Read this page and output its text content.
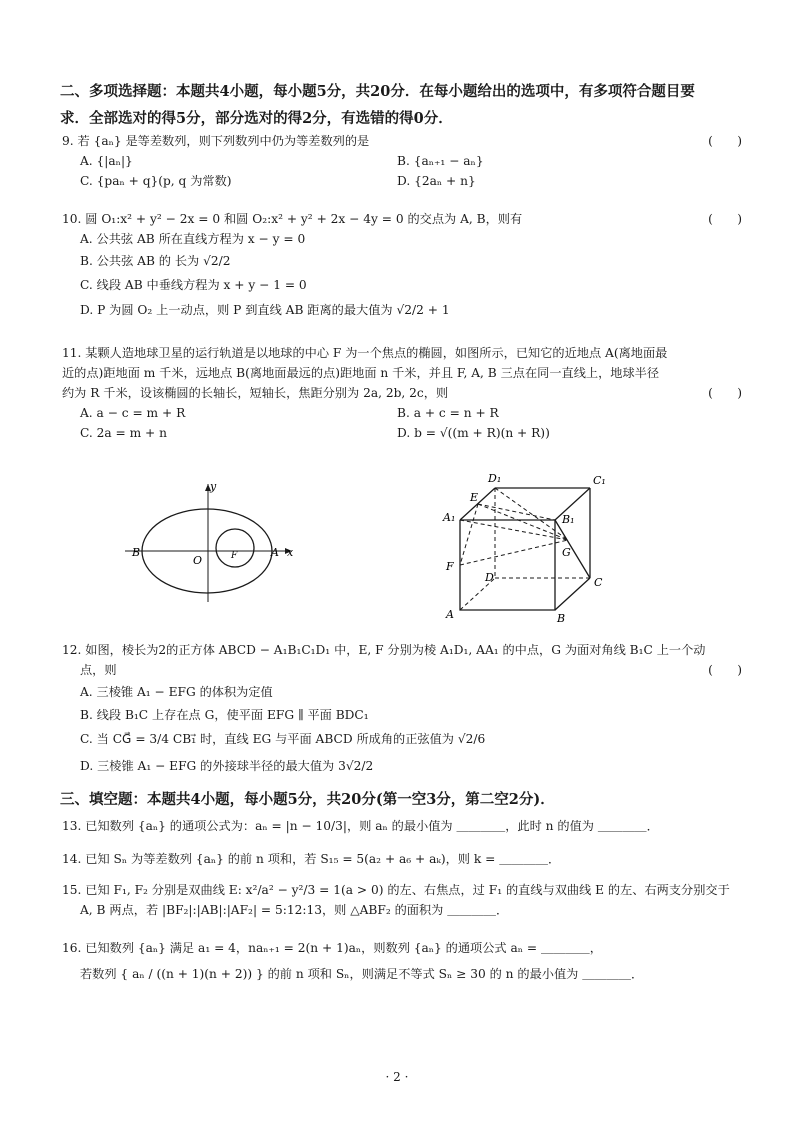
二、多项选择题：本题共4小题，每小题5分，共20分．在每小题给出的选项中，有多项符合题目要
求．全部选对的得5分，部分选对的得2分，有选错的得0分．
9. 若 {aₙ} 是等差数列，则下列数列中仍为等差数列的是	(　　)
A. {|aₙ|}	B. {aₙ₊₁ − aₙ}
C. {paₙ + q}(p, q 为常数)	D. {2aₙ + n}
10. 圆 O₁:x² + y² − 2x = 0 和圆 O₂:x² + y² + 2x − 4y = 0 的交点为 A, B，则有	(　　)
A. 公共弦 AB 所在直线方程为 x − y = 0
B. 公共弦 AB 的 长为 √2/2
C. 线段 AB 中垂线方程为 x + y − 1 = 0
D. P 为圆 O₂ 上一动点，则 P 到直线 AB 距离的最大值为 √2/2 + 1
11. 某颗人造地球卫星的运行轨道是以地球的中心 F 为一个焦点的椭圆，如图所示，已知它的近地点 A(离地面最
近的点)距地面 m 千米，远地点 B(离地面最远的点)距地面 n 千米，并且 F, A, B 三点在同一直线上，地球半径
约为 R 千米，设该椭圆的长轴长，短轴长，焦距分别为 2a, 2b, 2c，则	(　　)
A. a − c = m + R	B. a + c = n + R
C. 2a = m + n	D. b = √((m + R)(n + R))
y
B
O	F	A x
D₁	C₁
E
A₁	B₁
G
F
D	C
A	B
12. 如图，棱长为2的正方体 ABCD − A₁B₁C₁D₁ 中，E, F 分别为棱 A₁D₁, AA₁ 的中点，G 为面对角线 B₁C 上一个动
点，则	(　　)
A. 三棱锥 A₁ − EFG 的体积为定值
B. 线段 B₁C 上存在点 G，使平面 EFG ∥ 平面 BDC₁
C. 当 CG⃗ = 3/4 CB₁⃗ 时，直线 EG 与平面 ABCD 所成角的正弦值为 √2/6
D. 三棱锥 A₁ − EFG 的外接球半径的最大值为 3√2/2
三、填空题：本题共4小题，每小题5分，共20分(第一空3分，第二空2分)．
13. 已知数列 {aₙ} 的通项公式为：aₙ = |n − 10/3|，则 aₙ 的最小值为 ＿＿＿＿，此时 n 的值为 ＿＿＿＿．
14. 已知 Sₙ 为等差数列 {aₙ} 的前 n 项和，若 S₁₅ = 5(a₂ + a₆ + aₖ)，则 k = ＿＿＿＿．
15. 已知 F₁, F₂ 分别是双曲线 E: x²/a² − y²/3 = 1(a > 0) 的左、右焦点，过 F₁ 的直线与双曲线 E 的左、右两支分别交于
A, B 两点，若 |BF₂|:|AB|:|AF₂| = 5:12:13，则 △ABF₂ 的面积为 ＿＿＿＿．
16. 已知数列 {aₙ} 满足 a₁ = 4，naₙ₊₁ = 2(n + 1)aₙ，则数列 {aₙ} 的通项公式 aₙ = ＿＿＿＿，
若数列 { aₙ / ((n + 1)(n + 2)) } 的前 n 项和 Sₙ，则满足不等式 Sₙ ≥ 30 的 n 的最小值为 ＿＿＿＿．
· 2 ·
